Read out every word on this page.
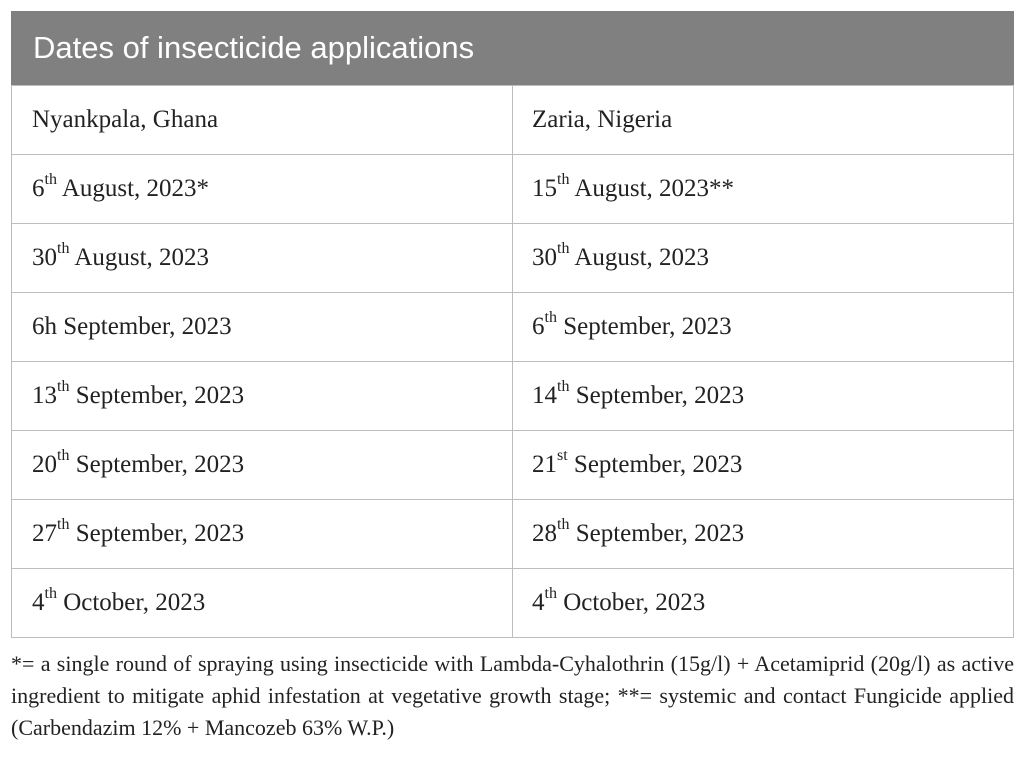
Dates of insecticide applications
Nyankpala, Ghana	Zaria, Nigeria
6th August, 2023*	15th August, 2023**
30th August, 2023	30th August, 2023
6h September, 2023	6th September, 2023
13th September, 2023	14th September, 2023
20th September, 2023	21st September, 2023
27th September, 2023	28th September, 2023
4th October, 2023	4th October, 2023
*= a single round of spraying using insecticide with Lambda-Cyhalothrin (15g/l) + Acetamiprid (20g/l) as active ingredient to mitigate aphid infestation at vegetative growth stage; **= systemic and contact Fungicide applied (Carbendazim 12% + Mancozeb 63% W.P.)
